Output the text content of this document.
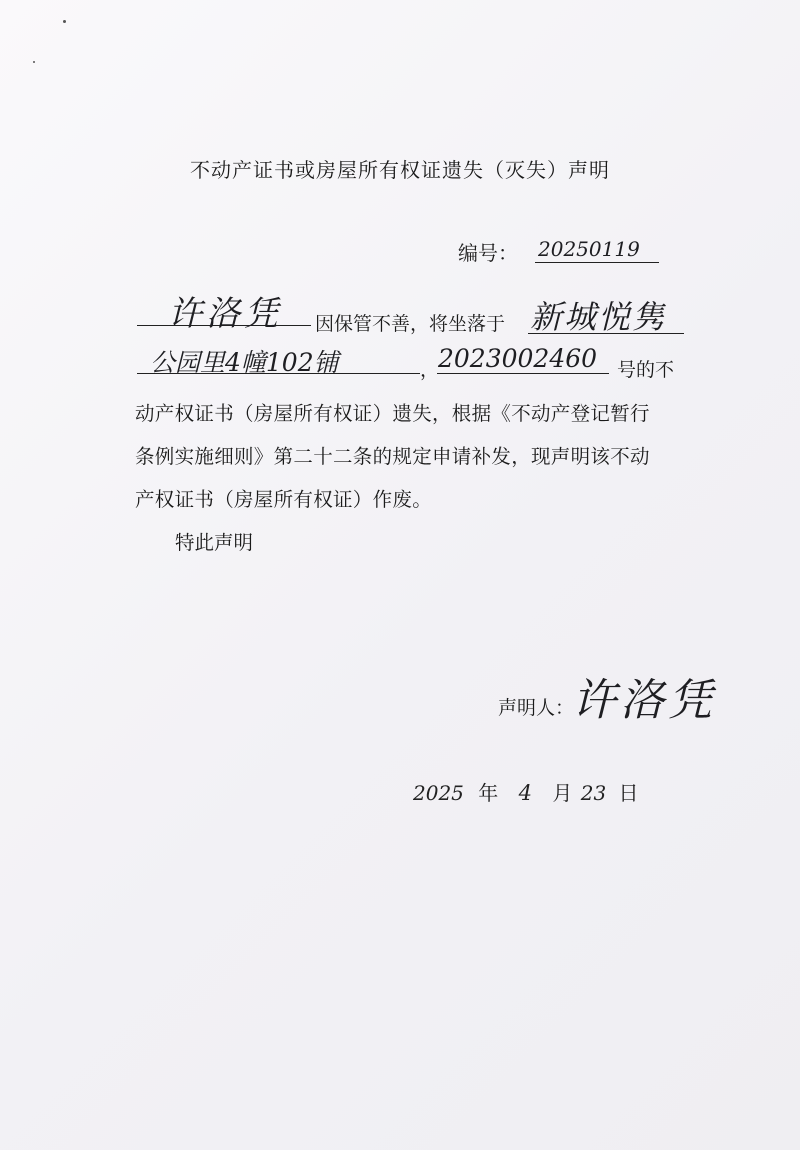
不动产证书或房屋所有权证遗失（灭失）声明
编号： 20250119
许洛凭 因保管不善，将坐落于 新城悦隽
公园里4幢102铺	，
2023002460 号的不
动产权证书（房屋所有权证）遗失，根据《不动产登记暂行
条例实施细则》第二十二条的规定申请补发，现声明该不动
产权证书（房屋所有权证）作废。
特此声明
声明人：
许洛凭
2025 年 4 月 23 日
